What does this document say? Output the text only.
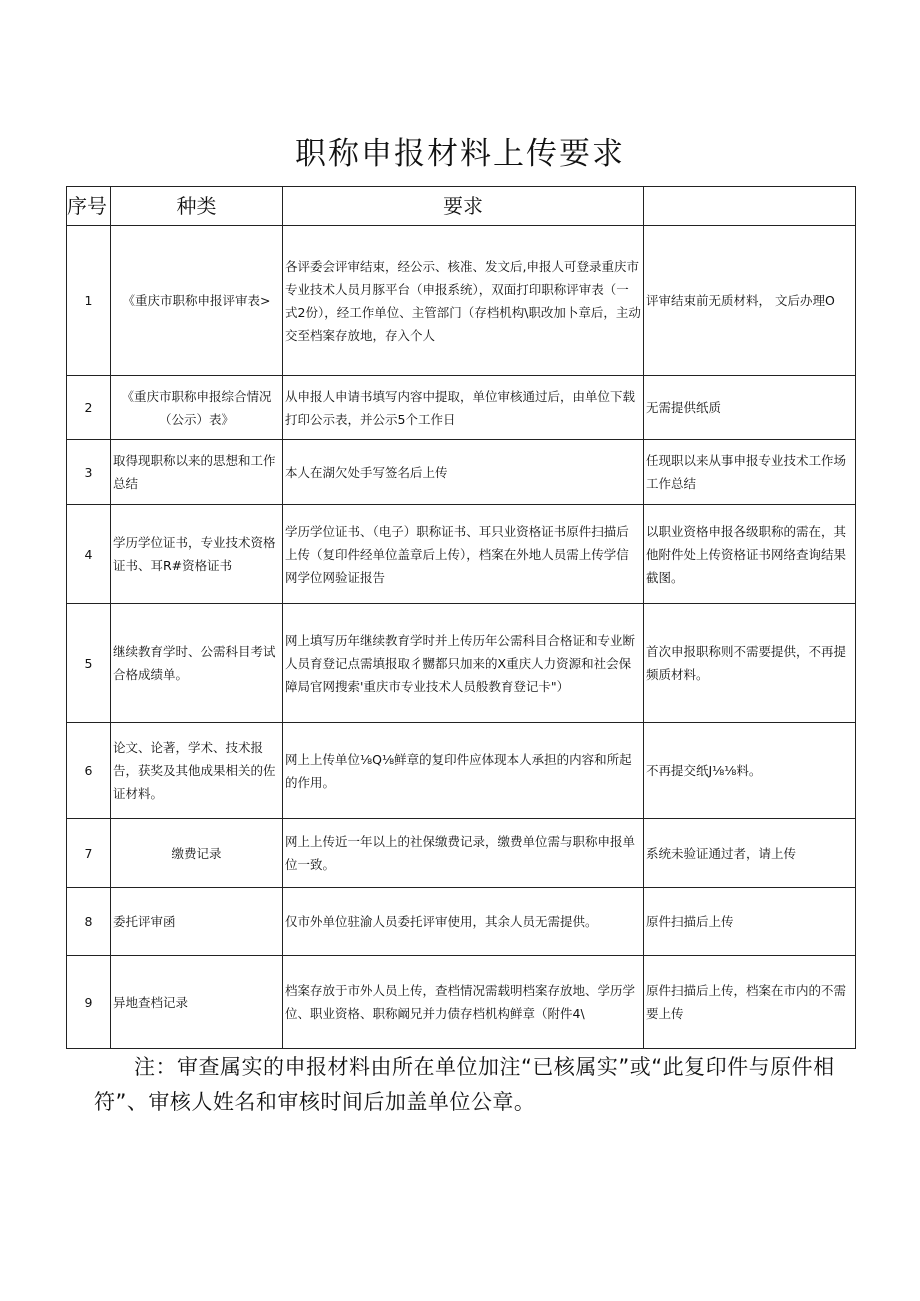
职称申报材料上传要求
序号	种类	要求	
1	《重庆市职称申报评审表>	各评委会评审结束，经公示、核准、发文后,申报人可登录重庆市专业技术人员月豚平台（申报系统），双面打印职称评审表（一式2份），经工作单位、主管部门（存档机构\职改加卜章后，主动交至档案存放地，存入个人	评审结束前无质材料， 文后办理O
2	《重庆市职称申报综合情况（公示）表》	从申报人申请书填写内容中提取，单位审核通过后，由单位下载打印公示表，并公示5个工作日	无需提供纸质
3	取得现职称以来的思想和工作总结	本人在湖欠处手写签名后上传	任现职以来从事申报专业技术工作场工作总结
4	学历学位证书，专业技术资格证书、耳R#资格证书	学历学位证书、（电子）职称证书、耳只业资格证书原件扫描后上传（复印件经单位盖章后上传），档案在外地人员需上传学信网学位网验证报告	以职业资格申报各级职称的需在，其他附件处上传资格证书网络查询结果截图。
5	继续教育学时、公需科目考试合格成绩单。	网上填写历年继续教育学时并上传历年公需科目合格证和专业断人员育登记点需填报取彳嬲都只加来的X重庆人力资源和社会保障局官网搜索'重庆市专业技术人员般教育登记卡"）	首次申报职称则不需要提供，不再提频质材料。
6	论文、论著，学术、技术报告，获奖及其他成果相关的佐证材料。	网上上传单位⅛Q⅛鲜章的复印件应体现本人承担的内容和所起的作用。	不再提交纸J⅛⅛料。
7	缴费记录	网上上传近一年以上的社保缴费记录，缴费单位需与职称申报单位一致。	系统未验证通过者，请上传
8	委托评审函	仅市外单位驻渝人员委托评审使用，其余人员无需提供。	原件扫描后上传
9	异地查档记录	档案存放于市外人员上传，查档情况需载明档案存放地、学历学位、职业资格、职称阚兄并力债存档机构鲜章（附件4\	原件扫描后上传，档案在市内的不需要上传

注：审查属实的申报材料由所在单位加注“已核属实”或“此复印件与原件相符”、审核人姓名和审核时间后加盖单位公章。
